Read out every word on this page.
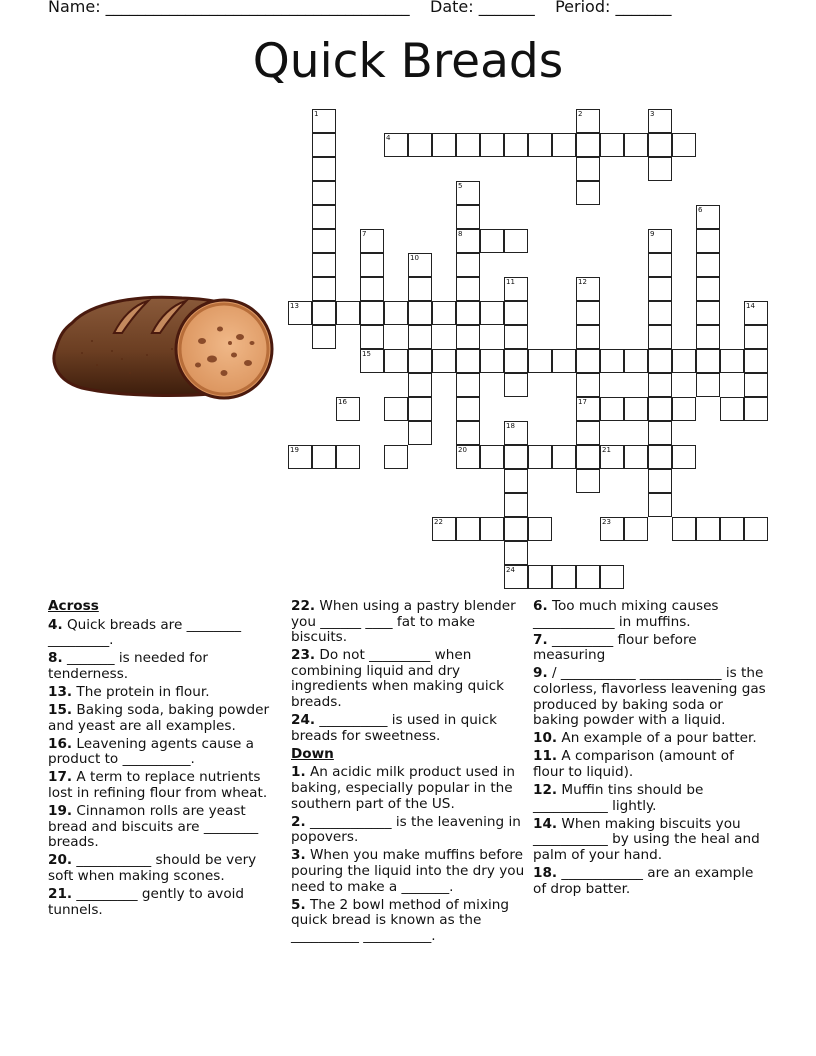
Name: ______________________________________    Date: _______    Period: _______
Quick Breads
1	2	3
4
5
6
7	8	9
10
11	12
13	14
15
16	17
18
19	20	21
22	23
24
Across
4. Quick breads are ________ _________.
8. _______ is needed for tenderness.
13. The protein in flour.
15. Baking soda, baking powder and yeast are all examples.
16. Leavening agents cause a product to __________.
17. A term to replace nutrients lost in refining flour from wheat.
19. Cinnamon rolls are yeast bread and biscuits are ________ breads.
20. ___________ should be very soft when making scones.
21. _________ gently to avoid tunnels.
22. When using a pastry blender you ______ ____ fat to make biscuits.
23. Do not _________ when combining liquid and dry ingredients when making quick breads.
24. __________ is used in quick breads for sweetness.
Down
1. An acidic milk product used in baking, especially popular in the southern part of the US.
2. ____________ is the leavening in popovers.
3. When you make muffins before pouring the liquid into the dry you need to make a _______.
5. The 2 bowl method of mixing quick bread is known as the __________ __________.
6. Too much mixing causes ____________ in muffins.
7. _________ flour before measuring
9. / ___________ ____________ is the colorless, flavorless leavening gas produced by baking soda or baking powder with a liquid.
10. An example of a pour batter.
11. A comparison (amount of flour to liquid).
12. Muffin tins should be ___________ lightly.
14. When making biscuits you ___________ by using the heal and palm of your hand.
18. ____________ are an example of drop batter.
